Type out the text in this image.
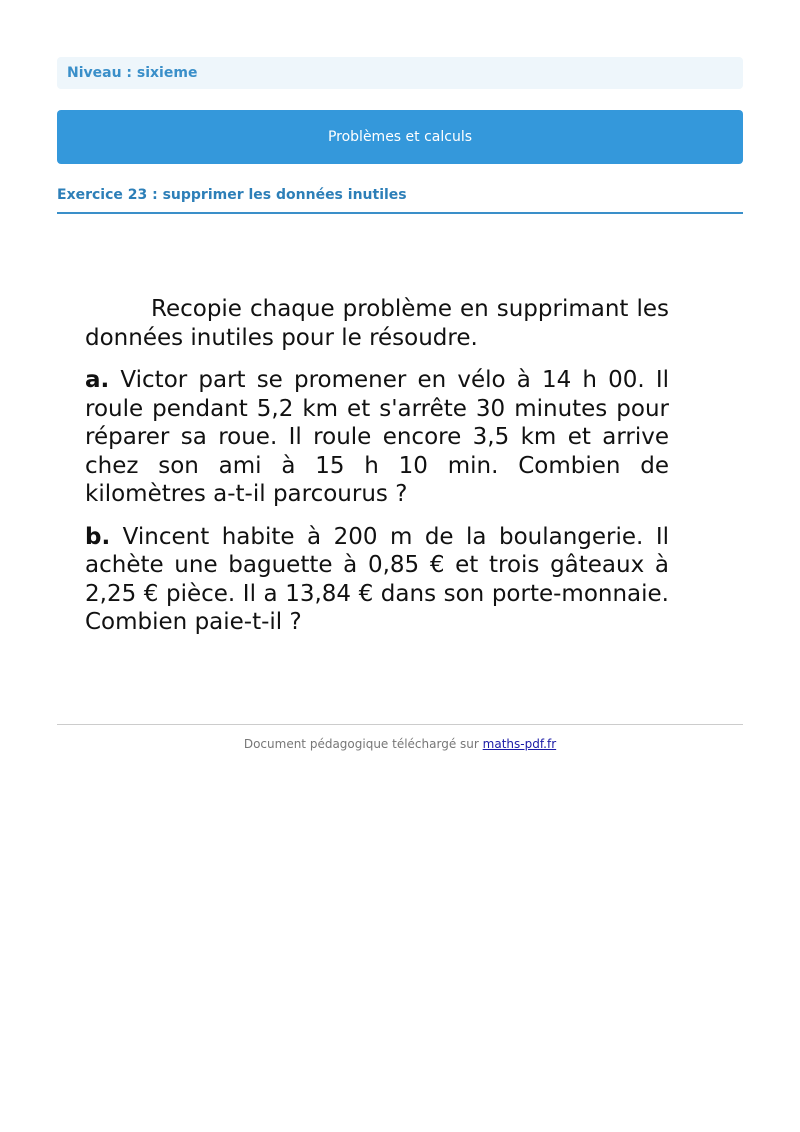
Niveau : sixieme
Problèmes et calculs
Exercice 23 : supprimer les données inutiles

Recopie chaque problème en supprimant les données inutiles pour le résoudre.

a. Victor part se promener en vélo à 14 h 00. Il roule pendant 5,2 km et s'arrête 30 minutes pour réparer sa roue. Il roule encore 3,5 km et arrive chez son ami à 15 h 10 min. Combien de kilomètres a-t-il parcourus ?

b. Vincent habite à 200 m de la boulangerie. Il achète une baguette à 0,85 € et trois gâteaux à 2,25 € pièce. Il a 13,84 € dans son porte-monnaie. Combien paie-t-il ?

Document pédagogique téléchargé sur maths-pdf.fr
